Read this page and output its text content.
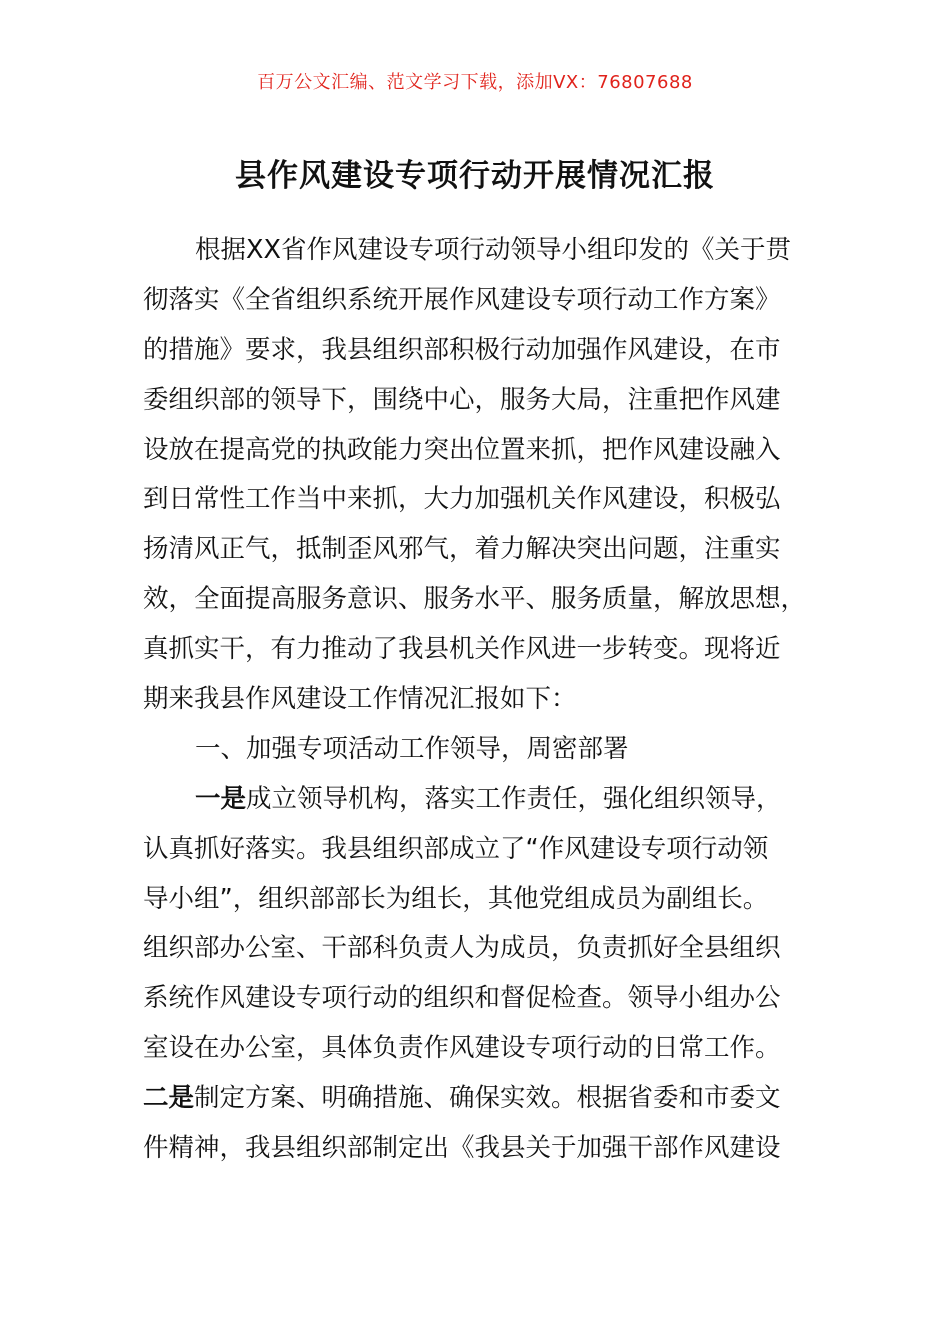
百万公文汇编、范文学习下载，添加VX：76807688
县作风建设专项行动开展情况汇报
根据XX省作风建设专项行动领导小组印发的《关于贯
彻落实《全省组织系统开展作风建设专项行动工作方案》
的措施》要求，我县组织部积极行动加强作风建设，在市
委组织部的领导下，围绕中心，服务大局，注重把作风建
设放在提高党的执政能力突出位置来抓，把作风建设融入
到日常性工作当中来抓，大力加强机关作风建设，积极弘
扬清风正气，抵制歪风邪气，着力解决突出问题，注重实
效，全面提高服务意识、服务水平、服务质量，解放思想，
真抓实干，有力推动了我县机关作风进一步转变。现将近
期来我县作风建设工作情况汇报如下：
一、加强专项活动工作领导，周密部署
一是成立领导机构，落实工作责任，强化组织领导，
认真抓好落实。我县组织部成立了“作风建设专项行动领
导小组”，组织部部长为组长，其他党组成员为副组长。
组织部办公室、干部科负责人为成员，负责抓好全县组织
系统作风建设专项行动的组织和督促检查。领导小组办公
室设在办公室，具体负责作风建设专项行动的日常工作。
二是制定方案、明确措施、确保实效。根据省委和市委文
件精神，我县组织部制定出《我县关于加强干部作风建设
